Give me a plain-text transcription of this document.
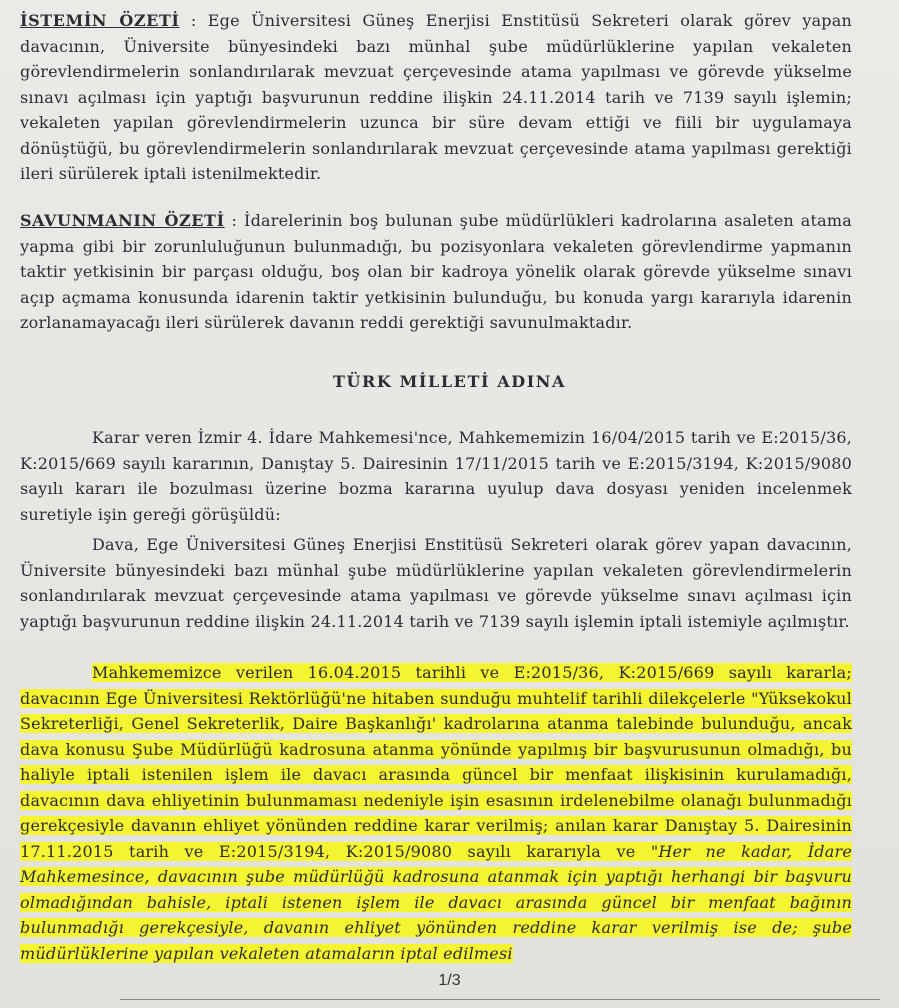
İSTEMİN ÖZETİ : Ege Üniversitesi Güneş Enerjisi Enstitüsü Sekreteri olarak görev yapan davacının, Üniversite bünyesindeki bazı münhal şube müdürlüklerine yapılan vekaleten görevlendirmelerin sonlandırılarak mevzuat çerçevesinde atama yapılması ve görevde yükselme sınavı açılması için yaptığı başvurunun reddine ilişkin 24.11.2014 tarih ve 7139 sayılı işlemin; vekaleten yapılan görevlendirmelerin uzunca bir süre devam ettiği ve fiili bir uygulamaya dönüştüğü, bu görevlendirmelerin sonlandırılarak mevzuat çerçevesinde atama yapılması gerektiği ileri sürülerek iptali istenilmektedir.

SAVUNMANIN ÖZETİ : İdarelerinin boş bulunan şube müdürlükleri kadrolarına asaleten atama yapma gibi bir zorunluluğunun bulunmadığı, bu pozisyonlara vekaleten görevlendirme yapmanın taktir yetkisinin bir parçası olduğu, boş olan bir kadroya yönelik olarak görevde yükselme sınavı açıp açmama konusunda idarenin taktir yetkisinin bulunduğu, bu konuda yargı kararıyla idarenin zorlanamayacağı ileri sürülerek davanın reddi gerektiği savunulmaktadır.

TÜRK MİLLETİ ADINA

Karar veren İzmir 4. İdare Mahkemesi'nce, Mahkememizin 16/04/2015 tarih ve E:2015/36, K:2015/669 sayılı kararının, Danıştay 5. Dairesinin 17/11/2015 tarih ve E:2015/3194, K:2015/9080 sayılı kararı ile bozulması üzerine bozma kararına uyulup dava dosyası yeniden incelenmek suretiyle işin gereği görüşüldü:

Dava, Ege Üniversitesi Güneş Enerjisi Enstitüsü Sekreteri olarak görev yapan davacının, Üniversite bünyesindeki bazı münhal şube müdürlüklerine yapılan vekaleten görevlendirmelerin sonlandırılarak mevzuat çerçevesinde atama yapılması ve görevde yükselme sınavı açılması için yaptığı başvurunun reddine ilişkin 24.11.2014 tarih ve 7139 sayılı işlemin iptali istemiyle açılmıştır.

Mahkememizce verilen 16.04.2015 tarihli ve E:2015/36, K:2015/669 sayılı kararla; davacının Ege Üniversitesi Rektörlüğü'ne hitaben sunduğu muhtelif tarihli dilekçelerle "Yüksekokul Sekreterliği, Genel Sekreterlik, Daire Başkanlığı' kadrolarına atanma talebinde bulunduğu, ancak dava konusu Şube Müdürlüğü kadrosuna atanma yönünde yapılmış bir başvurusunun olmadığı, bu haliyle iptali istenilen işlem ile davacı arasında güncel bir menfaat ilişkisinin kurulamadığı, davacının dava ehliyetinin bulunmaması nedeniyle işin esasının irdelenebilme olanağı bulunmadığı gerekçesiyle davanın ehliyet yönünden reddine karar verilmiş; anılan karar Danıştay 5. Dairesinin 17.11.2015 tarih ve E:2015/3194, K:2015/9080 sayılı kararıyla ve "Her ne kadar, İdare Mahkemesince, davacının şube müdürlüğü kadrosuna atanmak için yaptığı herhangi bir başvuru olmadığından bahisle, iptali istenen işlem ile davacı arasında güncel bir menfaat bağının bulunmadığı gerekçesiyle, davanın ehliyet yönünden reddine karar verilmiş ise de; şube müdürlüklerine yapılan vekaleten atamaların iptal edilmesi

1/3
